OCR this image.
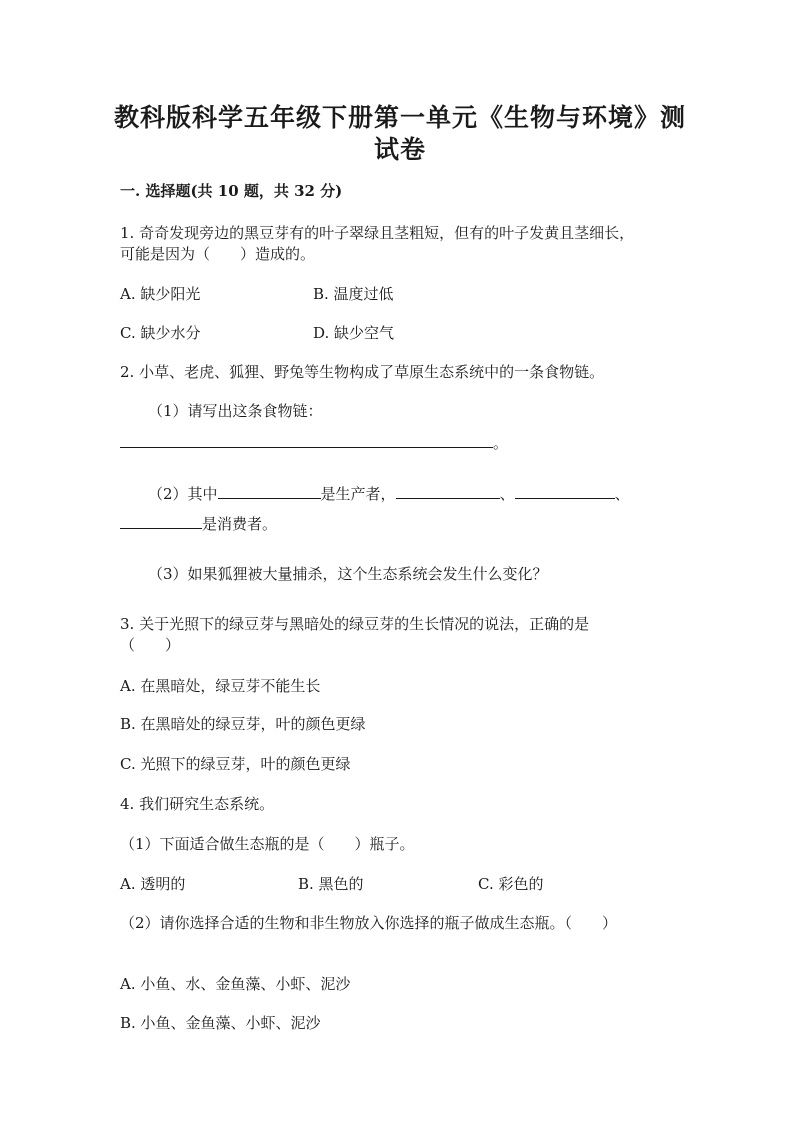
教科版科学五年级下册第一单元《生物与环境》测
试卷
一. 选择题(共 10 题，共 32 分)
1. 奇奇发现旁边的黑豆芽有的叶子翠绿且茎粗短，但有的叶子发黄且茎细长，
可能是因为（　　）造成的。
A. 缺少阳光	B. 温度过低
C. 缺少水分	D. 缺少空气
2. 小草、老虎、狐狸、野兔等生物构成了草原生态系统中的一条食物链。
（1）请写出这条食物链：
。
（2）其中	是生产者，	、	、
是消费者。
（3）如果狐狸被大量捕杀，这个生态系统会发生什么变化？
3. 关于光照下的绿豆芽与黑暗处的绿豆芽的生长情况的说法，正确的是
（　　）
A. 在黑暗处，绿豆芽不能生长
B. 在黑暗处的绿豆芽，叶的颜色更绿
C. 光照下的绿豆芽，叶的颜色更绿
4. 我们研究生态系统。
（1）下面适合做生态瓶的是（　　）瓶子。
A. 透明的	B. 黑色的	C. 彩色的
（2）请你选择合适的生物和非生物放入你选择的瓶子做成生态瓶。（　　）
A. 小鱼、水、金鱼藻、小虾、泥沙
B. 小鱼、金鱼藻、小虾、泥沙
